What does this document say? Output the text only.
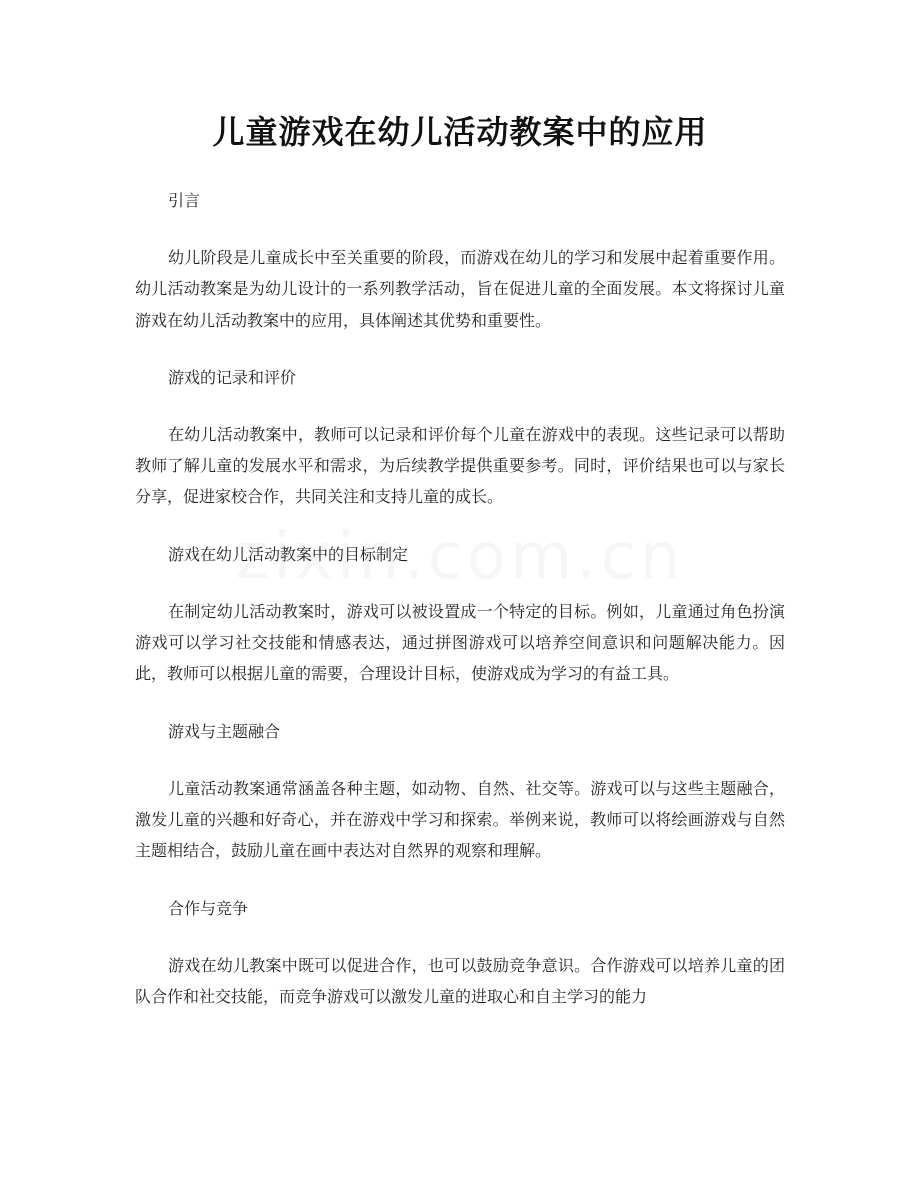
儿童游戏在幼儿活动教案中的应用

引言

幼儿阶段是儿童成长中至关重要的阶段，而游戏在幼儿的学习和发展中起着重要作用。幼儿活动教案是为幼儿设计的一系列教学活动，旨在促进儿童的全面发展。本文将探讨儿童游戏在幼儿活动教案中的应用，具体阐述其优势和重要性。

游戏的记录和评价

在幼儿活动教案中，教师可以记录和评价每个儿童在游戏中的表现。这些记录可以帮助教师了解儿童的发展水平和需求，为后续教学提供重要参考。同时，评价结果也可以与家长分享，促进家校合作，共同关注和支持儿童的成长。

游戏在幼儿活动教案中的目标制定

在制定幼儿活动教案时，游戏可以被设置成一个特定的目标。例如，儿童通过角色扮演游戏可以学习社交技能和情感表达，通过拼图游戏可以培养空间意识和问题解决能力。因此，教师可以根据儿童的需要，合理设计目标，使游戏成为学习的有益工具。

游戏与主题融合

儿童活动教案通常涵盖各种主题，如动物、自然、社交等。游戏可以与这些主题融合，激发儿童的兴趣和好奇心，并在游戏中学习和探索。举例来说，教师可以将绘画游戏与自然主题相结合，鼓励儿童在画中表达对自然界的观察和理解。

合作与竞争

游戏在幼儿教案中既可以促进合作，也可以鼓励竞争意识。合作游戏可以培养儿童的团队合作和社交技能，而竞争游戏可以激发儿童的进取心和自主学习的能力
